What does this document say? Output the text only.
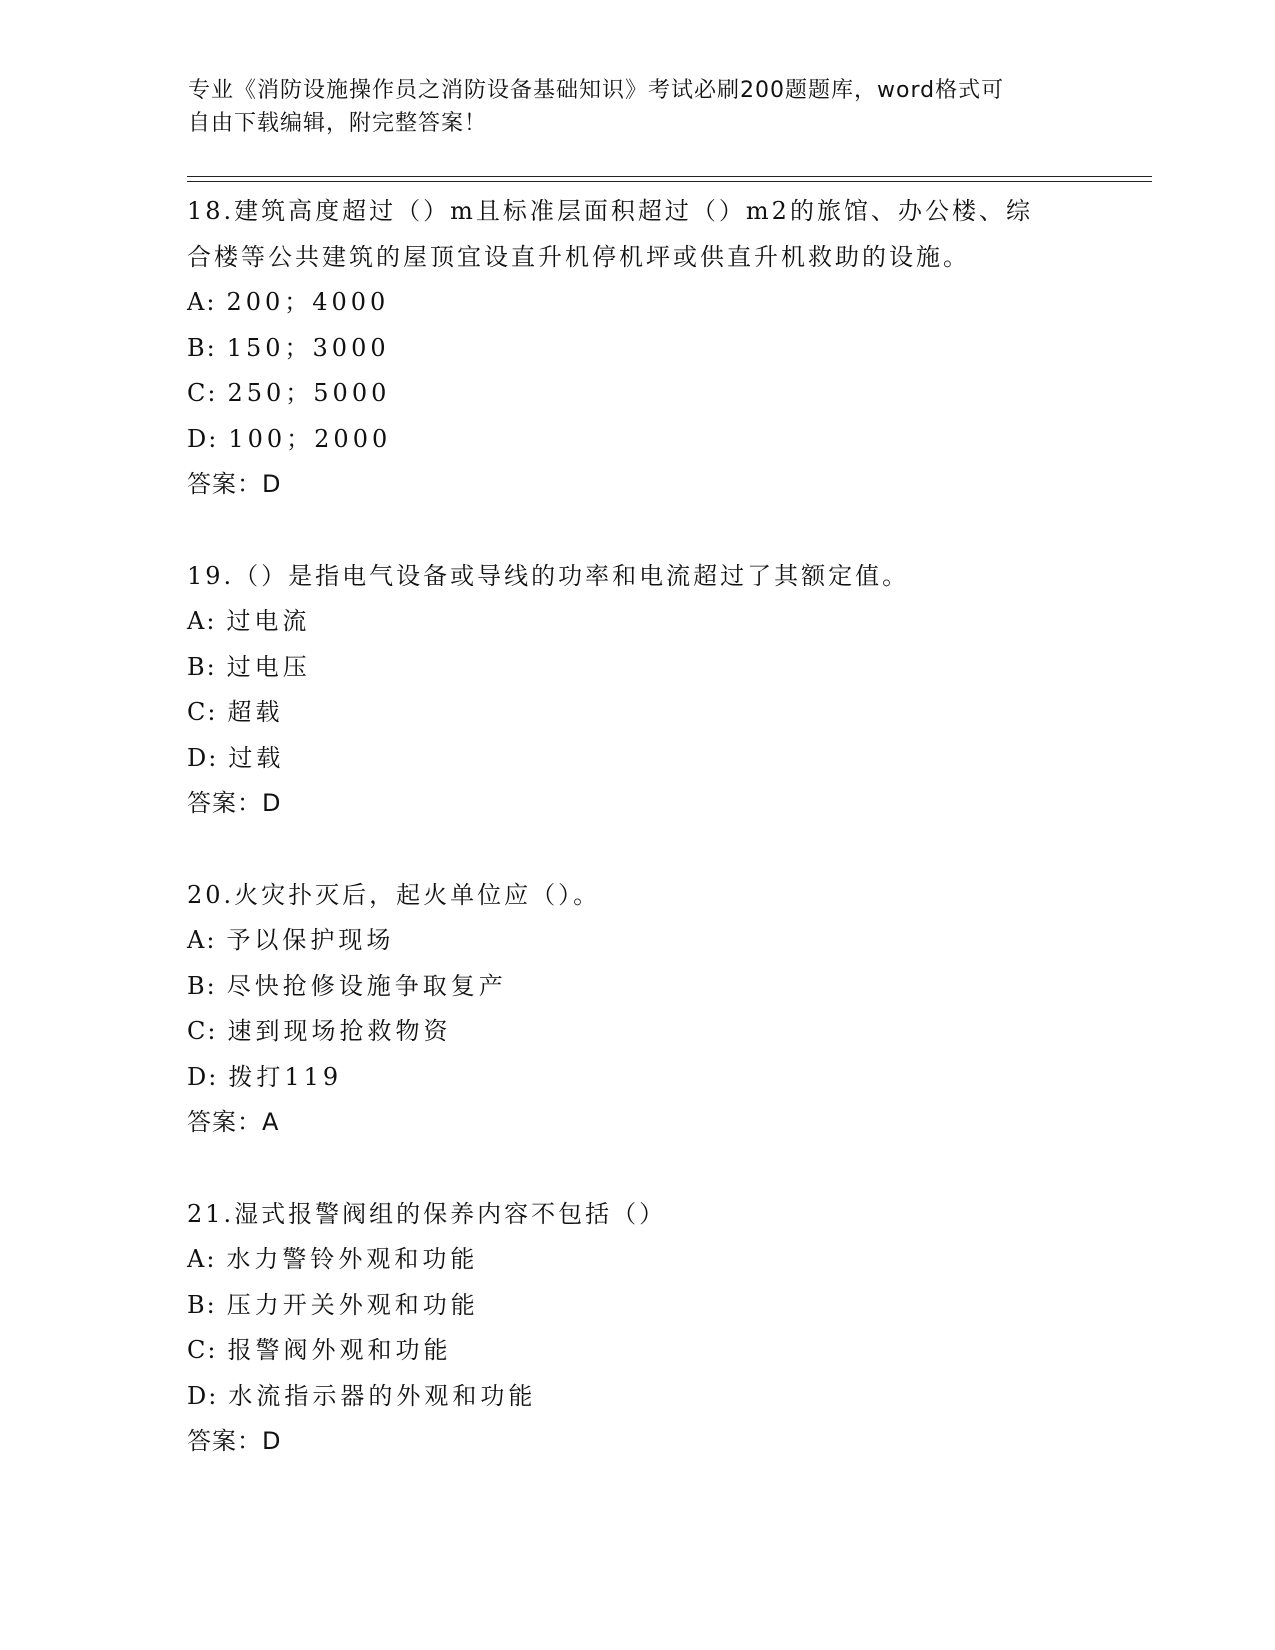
专业《消防设施操作员之消防设备基础知识》考试必刷200题题库，word格式可
自由下载编辑，附完整答案！
18.建筑高度超过（）m且标准层面积超过（）m2的旅馆、办公楼、综
合楼等公共建筑的屋顶宜设直升机停机坪或供直升机救助的设施。
A: 200；4000
B: 150；3000
C: 250；5000
D: 100；2000
答案：D
19.（）是指电气设备或导线的功率和电流超过了其额定值。
A: 过电流
B: 过电压
C: 超载
D: 过载
答案：D
20.火灾扑灭后，起火单位应（）。
A: 予以保护现场
B: 尽快抢修设施争取复产
C: 速到现场抢救物资
D: 拨打119
答案：A
21.湿式报警阀组的保养内容不包括（）
A: 水力警铃外观和功能
B: 压力开关外观和功能
C: 报警阀外观和功能
D: 水流指示器的外观和功能
答案：D
